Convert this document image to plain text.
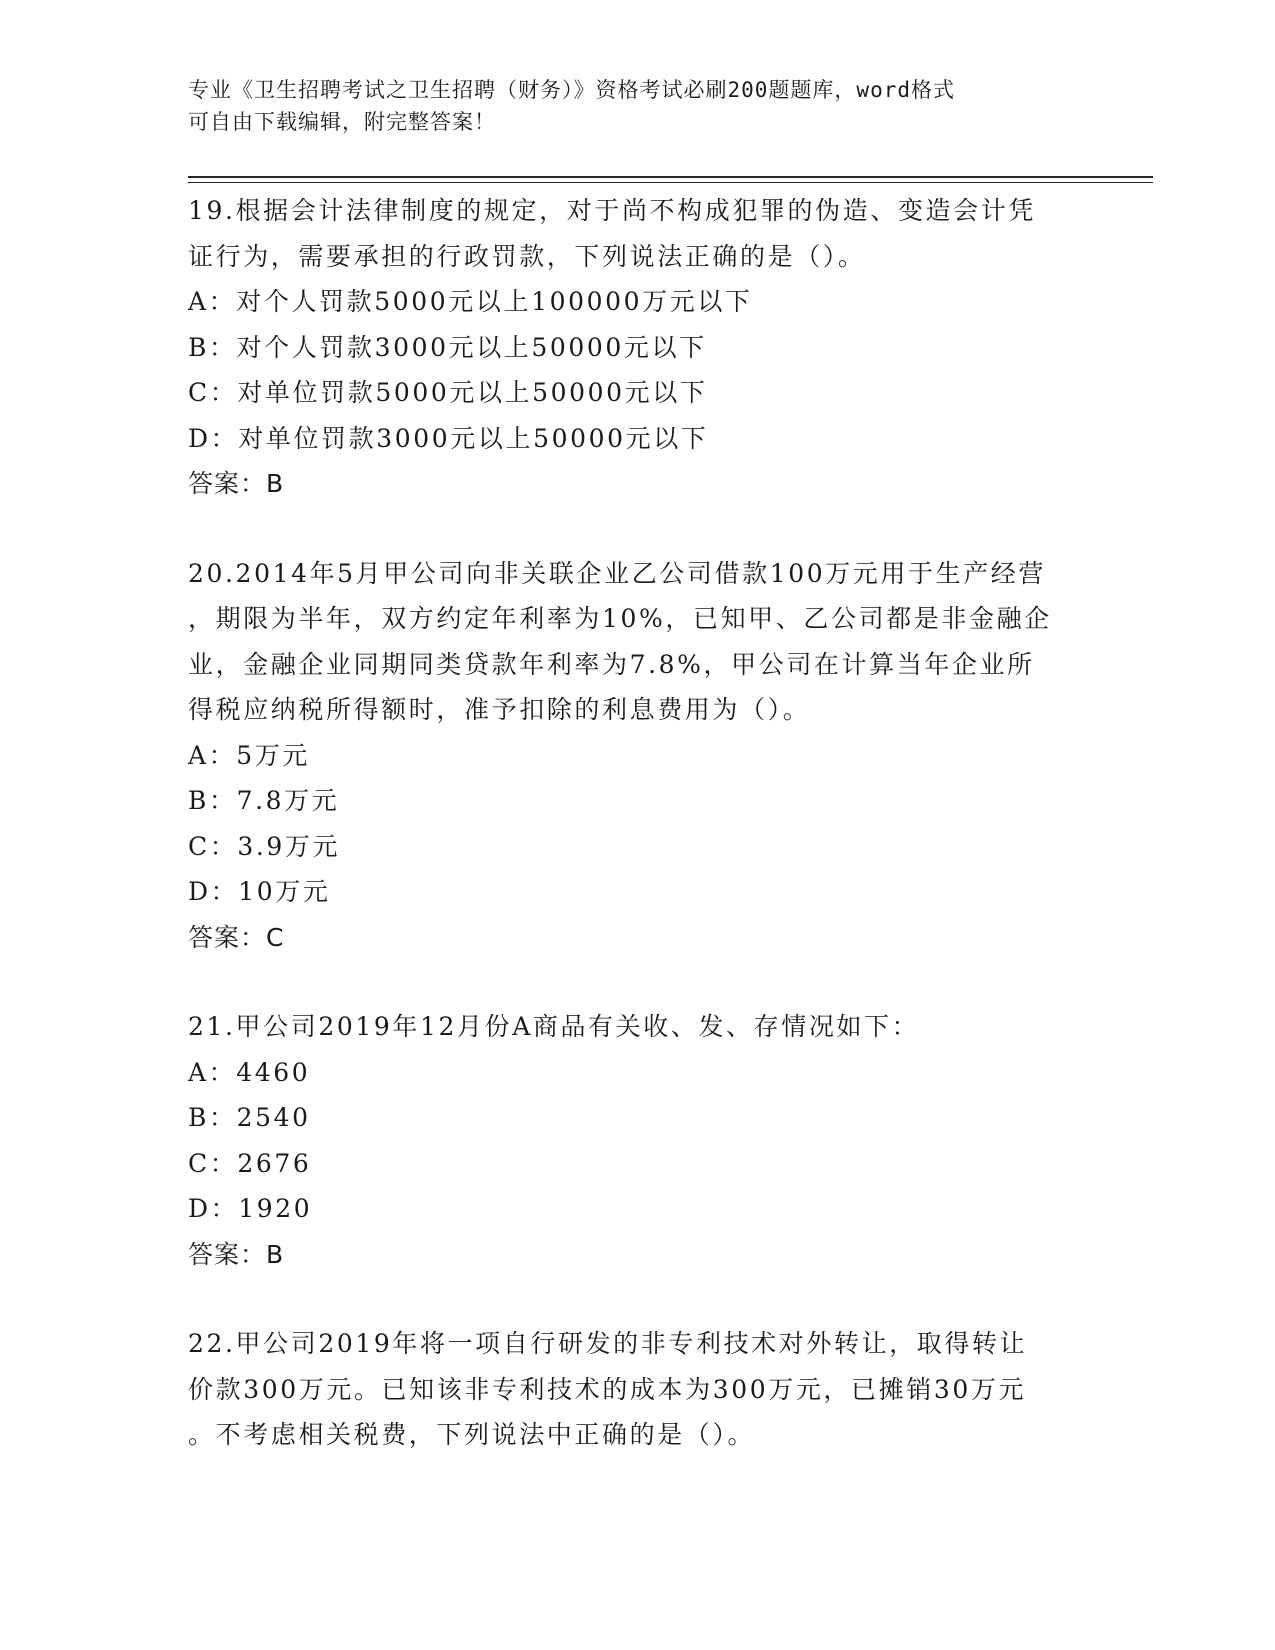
专业《卫生招聘考试之卫生招聘（财务）》资格考试必刷200题题库，word格式
可自由下载编辑，附完整答案！
19.根据会计法律制度的规定，对于尚不构成犯罪的伪造、变造会计凭
证行为，需要承担的行政罚款，下列说法正确的是（）。
A：对个人罚款5000元以上100000万元以下
B：对个人罚款3000元以上50000元以下
C：对单位罚款5000元以上50000元以下
D：对单位罚款3000元以上50000元以下
答案：B
20.2014年5月甲公司向非关联企业乙公司借款100万元用于生产经营
，期限为半年，双方约定年利率为10%，已知甲、乙公司都是非金融企
业，金融企业同期同类贷款年利率为7.8%，甲公司在计算当年企业所
得税应纳税所得额时，准予扣除的利息费用为（）。
A：5万元
B：7.8万元
C：3.9万元
D：10万元
答案：C
21.甲公司2019年12月份A商品有关收、发、存情况如下：
A：4460
B：2540
C：2676
D：1920
答案：B
22.甲公司2019年将一项自行研发的非专利技术对外转让，取得转让
价款300万元。已知该非专利技术的成本为300万元，已摊销30万元
。不考虑相关税费，下列说法中正确的是（）。
